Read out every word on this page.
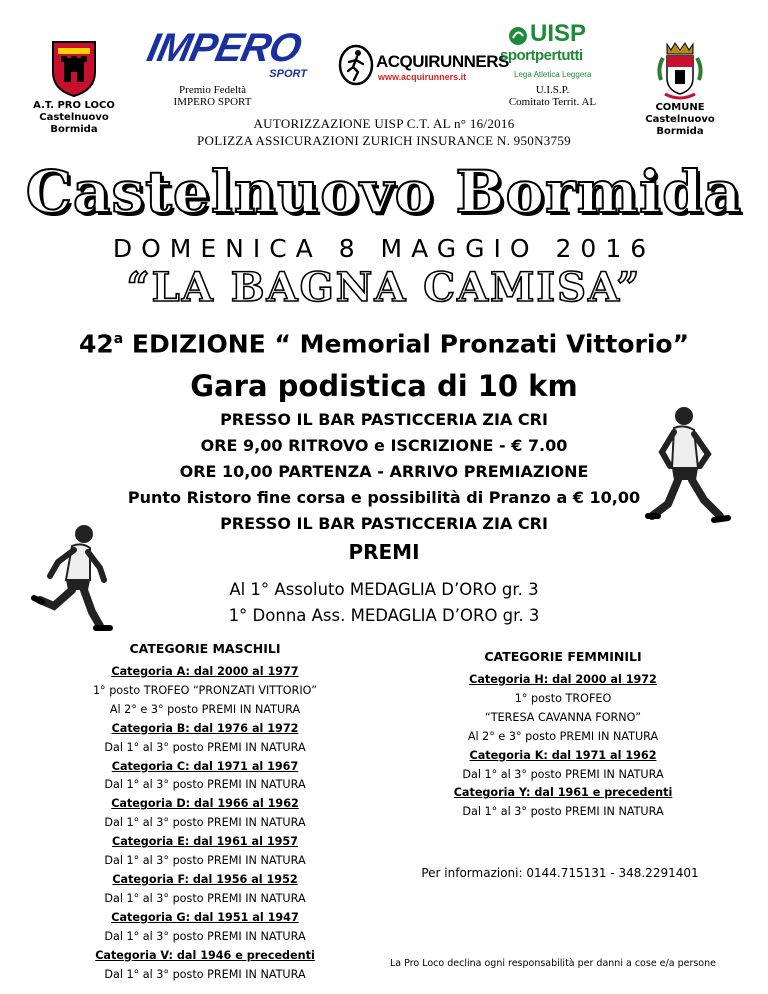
A.T. PRO LOCO
Castelnuovo Bormida
IMPERO
SPORT
Premio Fedeltà
IMPERO SPORT
ACQUIRUNNERS
www.acquirunners.it
UISP
sportpertutti
Lega Atletica Leggera
U.I.S.P.
Comitato Territ. AL	COMUNE
Castelnuovo Bormida
AUTORIZZAZIONE UISP C.T. AL n° 16/2016
POLIZZA ASSICURAZIONI ZURICH INSURANCE N. 950N3759
Castelnuovo Bormida
DOMENICA 8 MAGGIO 2016
“LA BAGNA CAMISA”
42$^a$ EDIZIONE “ Memorial Pronzati Vittorio”
Gara podistica di 10 km
PRESSO IL BAR PASTICCERIA ZIA CRI
ORE 9,00 RITROVO e ISCRIZIONE - € 7.00
ORE 10,00 PARTENZA - ARRIVO PREMIAZIONE
Punto Ristoro fine corsa e possibilità di Pranzo a € 10,00
PRESSO IL BAR PASTICCERIA ZIA CRI
PREMI
Al 1° Assoluto MEDAGLIA D’ORO gr. 3
1° Donna Ass. MEDAGLIA D’ORO gr. 3
CATEGORIE MASCHILI
Categoria A: dal 2000 al 1977
1° posto TROFEO “PRONZATI VITTORIO”
Al 2° e 3° posto PREMI IN NATURA
Categoria B: dal 1976 al 1972
Dal 1° al 3° posto PREMI IN NATURA
Categoria C: dal 1971 al 1967
Dal 1° al 3° posto PREMI IN NATURA
Categoria D: dal 1966 al 1962
Dal 1° al 3° posto PREMI IN NATURA
Categoria E: dal 1961 al 1957
Dal 1° al 3° posto PREMI IN NATURA
Categoria F: dal 1956 al 1952
Dal 1° al 3° posto PREMI IN NATURA
Categoria G: dal 1951 al 1947
Dal 1° al 3° posto PREMI IN NATURA
Categoria V: dal 1946 e precedenti
Dal 1° al 3° posto PREMI IN NATURA
CATEGORIE FEMMINILI
Categoria H: dal 2000 al 1972
1° posto TROFEO
“TERESA CAVANNA FORNO”
Al 2° e 3° posto PREMI IN NATURA
Categoria K: dal 1971 al 1962
Dal 1° al 3° posto PREMI IN NATURA
Categoria Y: dal 1961 e precedenti
Dal 1° al 3° posto PREMI IN NATURA
Per informazioni: 0144.715131 - 348.2291401
La Pro Loco declina ogni responsabilità per danni a cose e/a persone
